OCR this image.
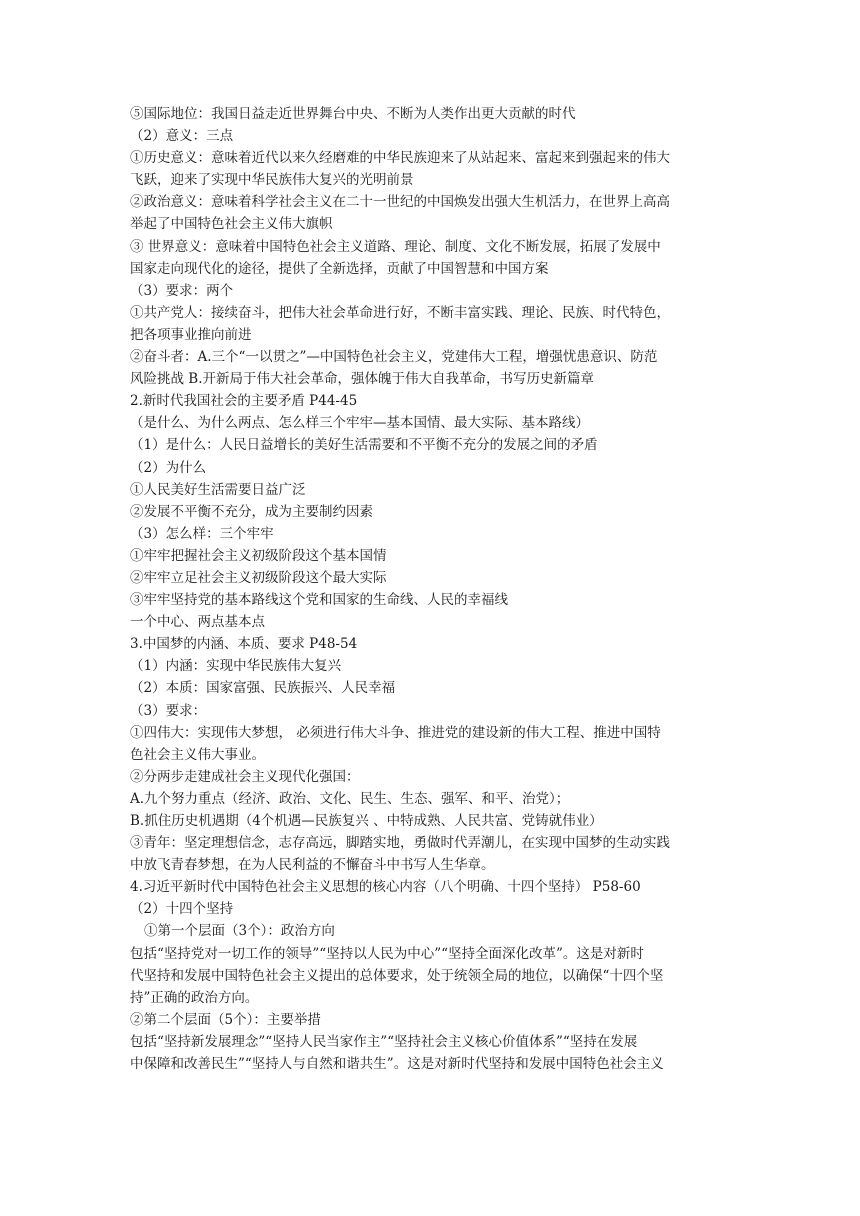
⑤国际地位：我国日益走近世界舞台中央、不断为人类作出更大贡献的时代
（2）意义：三点
①历史意义：意味着近代以来久经磨难的中华民族迎来了从站起来、富起来到强起来的伟大
飞跃，迎来了实现中华民族伟大复兴的光明前景
②政治意义：意味着科学社会主义在二十一世纪的中国焕发出强大生机活力，在世界上高高
举起了中国特色社会主义伟大旗帜
③ 世界意义：意味着中国特色社会主义道路、理论、制度、文化不断发展，拓展了发展中
国家走向现代化的途径，提供了全新选择，贡献了中国智慧和中国方案
（3）要求：两个
①共产党人：接续奋斗，把伟大社会革命进行好，不断丰富实践、理论、民族、时代特色，
把各项事业推向前进
②奋斗者：A.三个“一以贯之”—中国特色社会主义，党建伟大工程，增强忧患意识、防范
风险挑战 B.开新局于伟大社会革命，强体魄于伟大自我革命，书写历史新篇章
2.新时代我国社会的主要矛盾 P44-45
（是什么、为什么两点、怎么样三个牢牢—基本国情、最大实际、基本路线）
（1）是什么：人民日益增长的美好生活需要和不平衡不充分的发展之间的矛盾
（2）为什么
①人民美好生活需要日益广泛
②发展不平衡不充分，成为主要制约因素
（3）怎么样：三个牢牢
①牢牢把握社会主义初级阶段这个基本国情
②牢牢立足社会主义初级阶段这个最大实际
③牢牢坚持党的基本路线这个党和国家的生命线、人民的幸福线
一个中心、两点基本点
3.中国梦的内涵、本质、要求 P48-54
（1）内涵：实现中华民族伟大复兴
（2）本质：国家富强、民族振兴、人民幸福
（3）要求：
①四伟大：实现伟大梦想， 必须进行伟大斗争、推进党的建设新的伟大工程、推进中国特
色社会主义伟大事业。
②分两步走建成社会主义现代化强国：
A.九个努力重点（经济、政治、文化、民生、生态、强军、和平、治党）；
B.抓住历史机遇期（4个机遇—民族复兴 、中特成熟、人民共富、党铸就伟业）
③青年：坚定理想信念，志存高远，脚踏实地，勇做时代弄潮儿，在实现中国梦的生动实践
中放飞青春梦想，在为人民利益的不懈奋斗中书写人生华章。
4.习近平新时代中国特色社会主义思想的核心内容（八个明确、十四个坚持） P58-60
（2）十四个坚持
①第一个层面（3个）：政治方向
包括“坚持党对一切工作的领导”“坚持以人民为中心”“坚持全面深化改革”。这是对新时
代坚持和发展中国特色社会主义提出的总体要求，处于统领全局的地位，以确保“十四个坚
持”正确的政治方向。
②第二个层面（5个）：主要举措
包括“坚持新发展理念”“坚持人民当家作主”“坚持社会主义核心价值体系”“坚持在发展
中保障和改善民生”“坚持人与自然和谐共生”。这是对新时代坚持和发展中国特色社会主义
